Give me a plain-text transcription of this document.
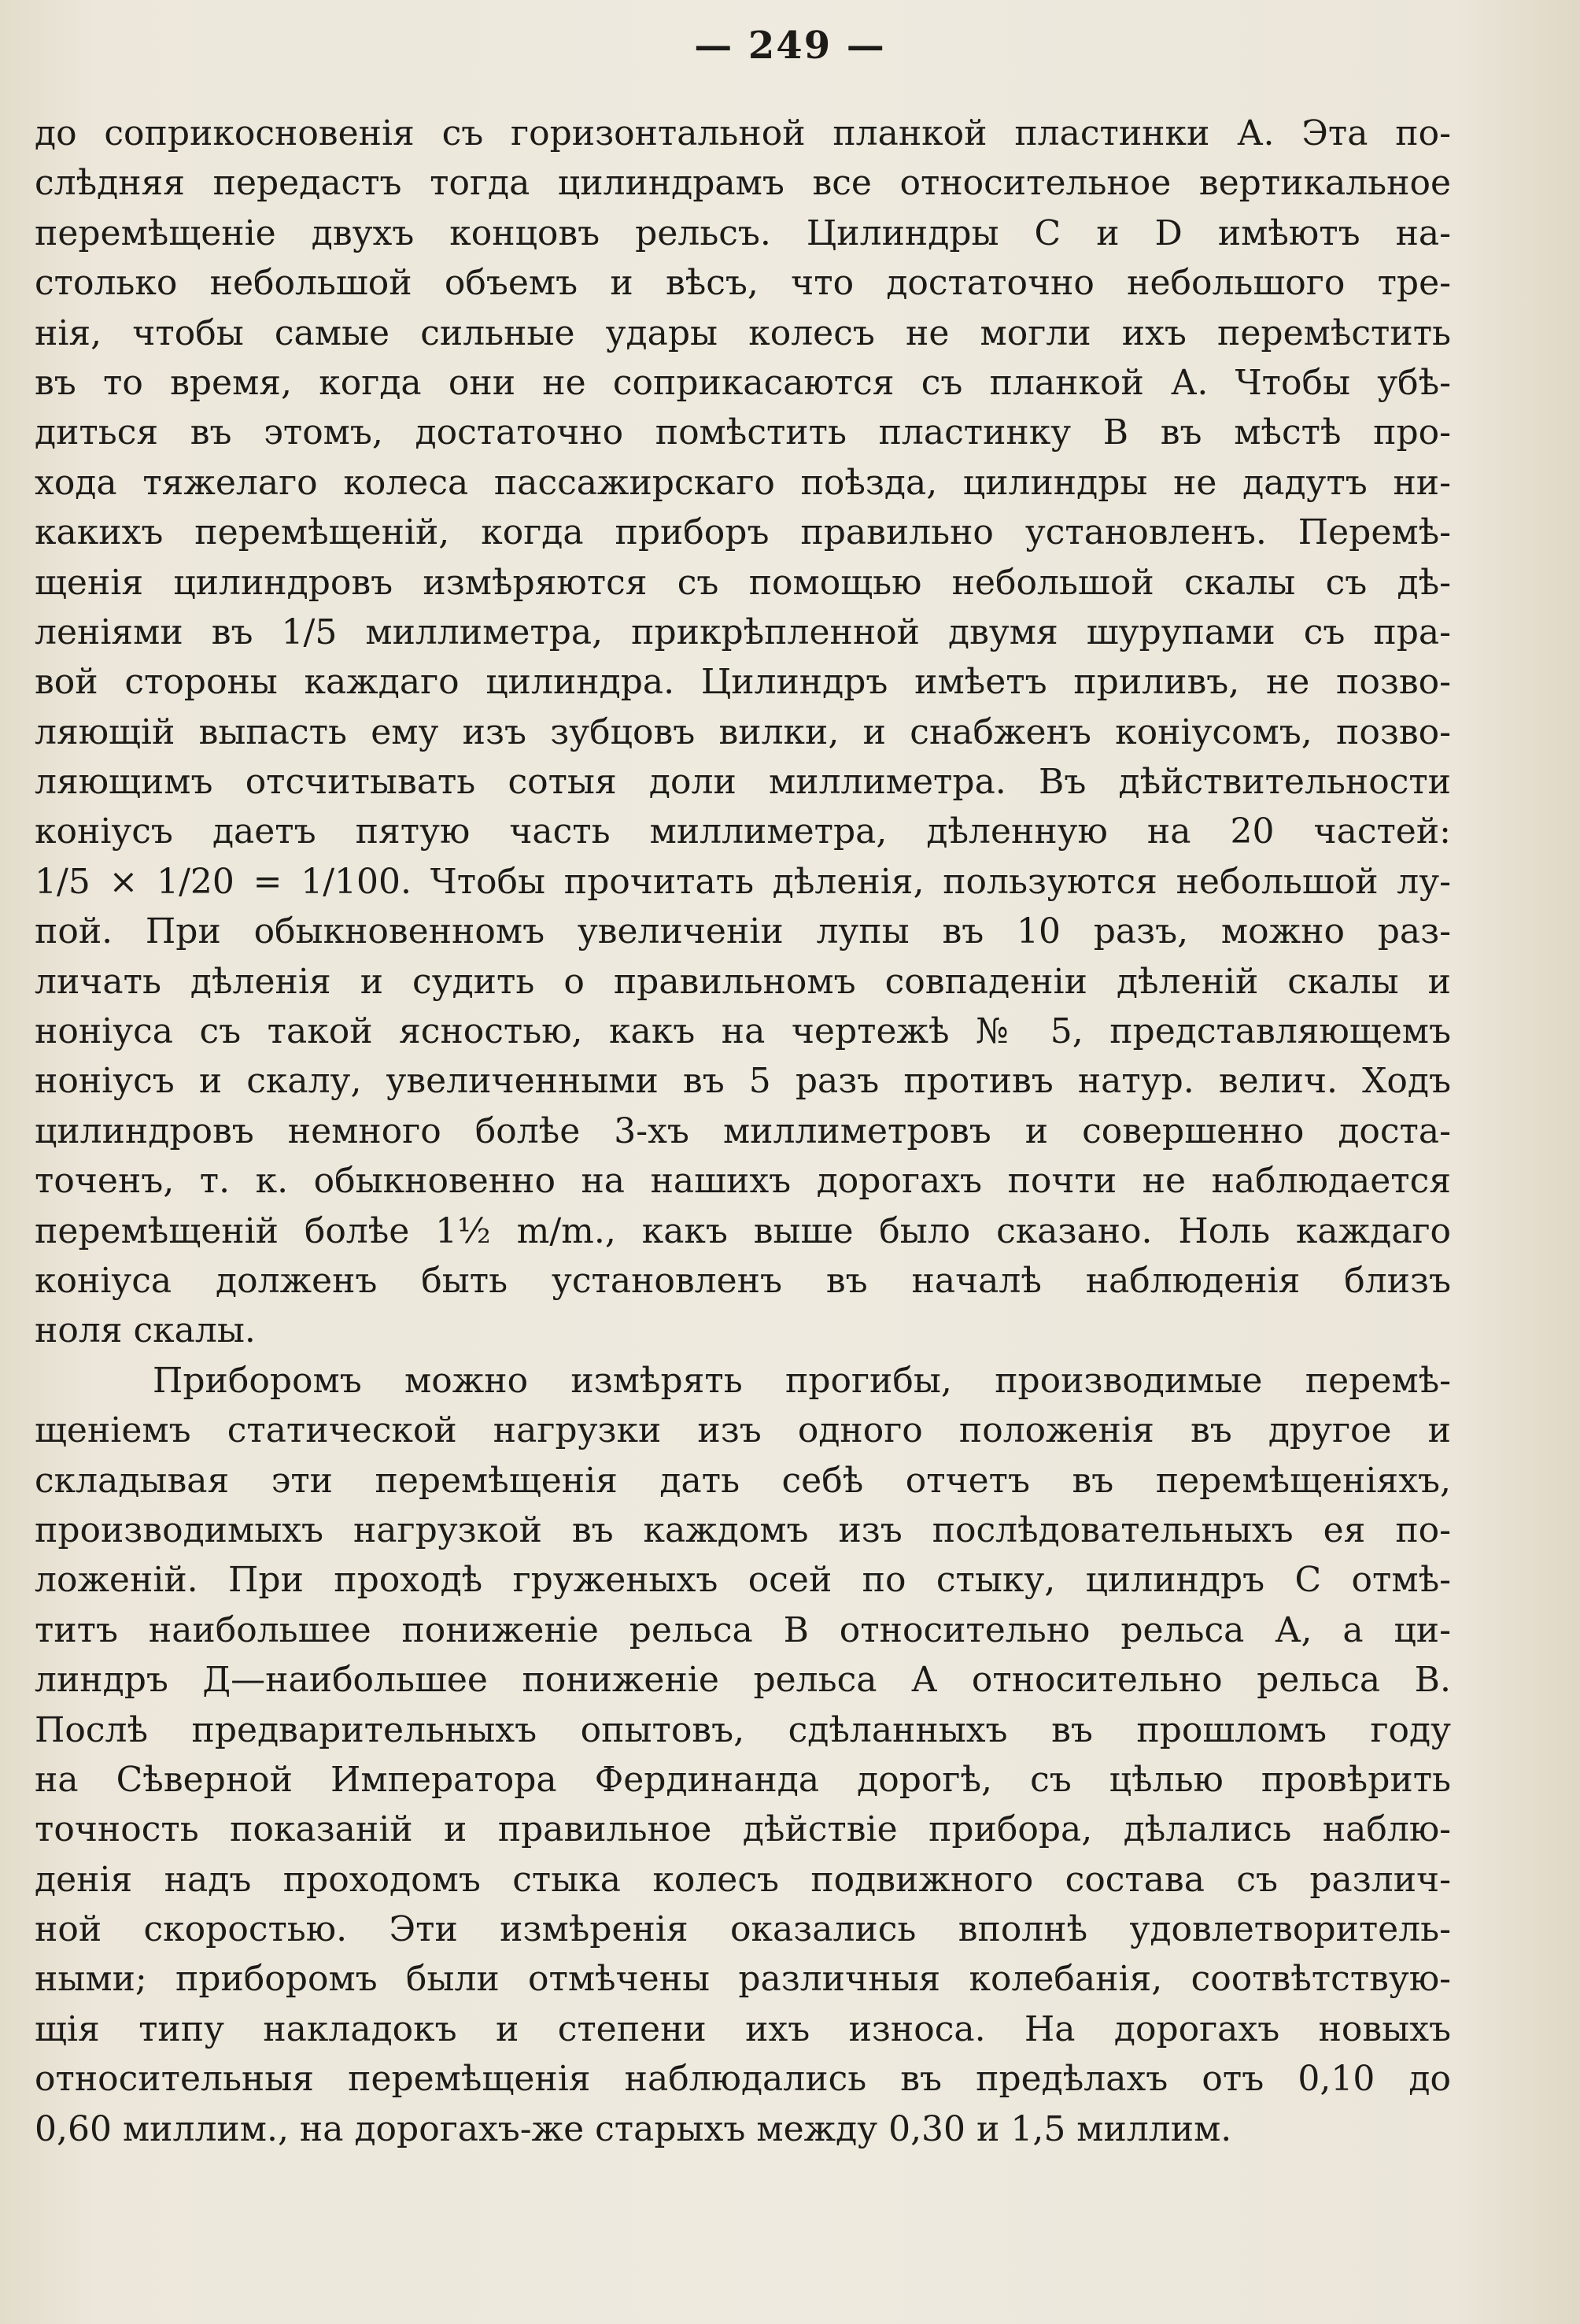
— 249 —
до соприкосновенія съ горизонтальной планкой пластинки А. Эта по-
слѣдняя передастъ тогда цилиндрамъ все относительное вертикальное
перемѣщеніе двухъ концовъ рельсъ. Цилиндры С и D имѣютъ на-
столько небольшой объемъ и вѣсъ, что достаточно небольшого тре-
нія, чтобы самые сильные удары колесъ не могли ихъ перемѣстить
въ то время, когда они не соприкасаются съ планкой А. Чтобы убѣ-
диться въ этомъ, достаточно помѣстить пластинку В въ мѣстѣ про-
хода тяжелаго колеса пассажирскаго поѣзда, цилиндры не дадутъ ни-
какихъ перемѣщеній, когда приборъ правильно установленъ. Перемѣ-
щенія цилиндровъ измѣряются съ помощью небольшой скалы съ дѣ-
леніями въ 1/5 миллиметра, прикрѣпленной двумя шурупами съ пра-
вой стороны каждаго цилиндра. Цилиндръ имѣетъ приливъ, не позво-
ляющій выпасть ему изъ зубцовъ вилки, и снабженъ коніусомъ, позво-
ляющимъ отсчитывать сотыя доли миллиметра. Въ дѣйствительности
коніусъ даетъ пятую часть миллиметра, дѣленную на 20 частей:
1/5 × 1/20 = 1/100. Чтобы прочитать дѣленія, пользуются небольшой лу-
пой. При обыкновенномъ увеличеніи лупы въ 10 разъ, можно раз-
личать дѣленія и судить о правильномъ совпаденіи дѣленій скалы и
ноніуса съ такой ясностью, какъ на чертежѣ № 5, представляющемъ
ноніусъ и скалу, увеличенными въ 5 разъ противъ натур. велич. Ходъ
цилиндровъ немного болѣе 3-хъ миллиметровъ и совершенно доста-
точенъ, т. к. обыкновенно на нашихъ дорогахъ почти не наблюдается
перемѣщеній болѣе 1½ m/m., какъ выше было сказано. Ноль каждаго
коніуса долженъ быть установленъ въ началѣ наблюденія близъ
ноля скалы.
Приборомъ можно измѣрять прогибы, производимые перемѣ-
щеніемъ статической нагрузки изъ одного положенія въ другое и
складывая эти перемѣщенія дать себѣ отчетъ въ перемѣщеніяхъ,
производимыхъ нагрузкой въ каждомъ изъ послѣдовательныхъ ея по-
ложеній. При проходѣ груженыхъ осей по стыку, цилиндръ С отмѣ-
титъ наибольшее пониженіе рельса В относительно рельса А, а ци-
линдръ Д—наибольшее пониженіе рельса А относительно рельса В.
Послѣ предварительныхъ опытовъ, сдѣланныхъ въ прошломъ году
на Сѣверной Императора Фердинанда дорогѣ, съ цѣлью провѣрить
точность показаній и правильное дѣйствіе прибора, дѣлались наблю-
денія надъ проходомъ стыка колесъ подвижного состава съ различ-
ной скоростью. Эти измѣренія оказались вполнѣ удовлетворитель-
ными; приборомъ были отмѣчены различныя колебанія, соотвѣтствую-
щія типу накладокъ и степени ихъ износа. На дорогахъ новыхъ
относительныя перемѣщенія наблюдались въ предѣлахъ отъ 0,10 до
0,60 миллим., на дорогахъ-же старыхъ между 0,30 и 1,5 миллим.
